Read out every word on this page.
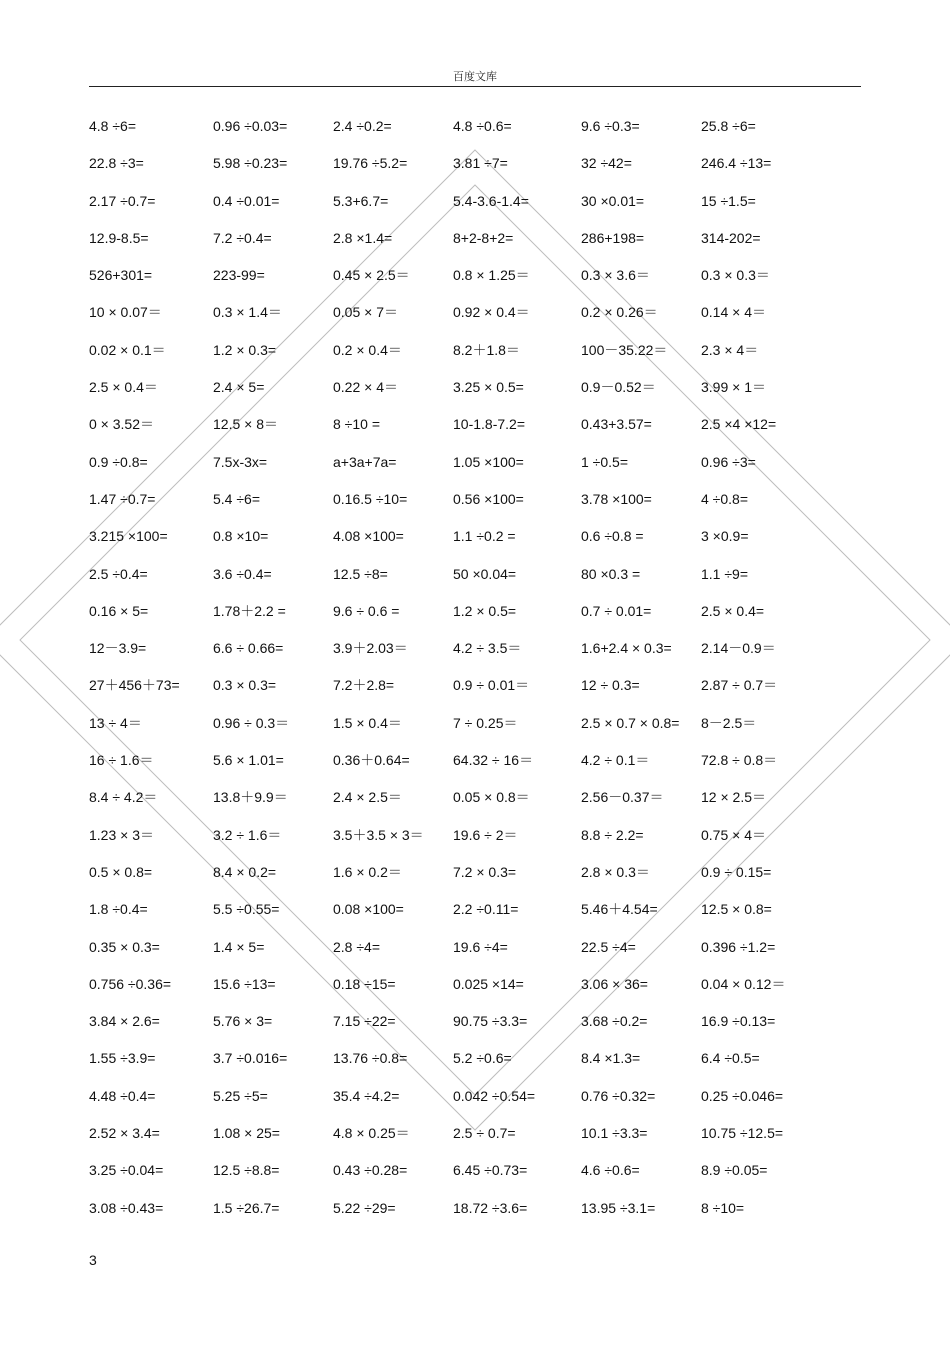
百度文库
4.8 ÷6=	0.96 ÷0.03=	2.4 ÷0.2=	4.8 ÷0.6=	9.6 ÷0.3=	25.8 ÷6=
22.8 ÷3=	5.98 ÷0.23=	19.76 ÷5.2=	3.81 ÷7=	32 ÷42=	246.4 ÷13=
2.17 ÷0.7=	0.4 ÷0.01=	5.3+6.7=	5.4-3.6-1.4=	30 ×0.01=	15 ÷1.5=
12.9-8.5=	7.2 ÷0.4=	2.8 ×1.4=	8+2-8+2=	286+198=	314-202=
526+301=	223-99=	0.45 × 2.5＝	0.8 × 1.25＝	0.3 × 3.6＝	0.3 × 0.3＝
10 × 0.07＝	0.3 × 1.4＝	0.05 × 7＝	0.92 × 0.4＝	0.2 × 0.26＝	0.14 × 4＝
0.02 × 0.1＝	1.2 × 0.3=	0.2 × 0.4＝	8.2＋1.8＝	100－35.22＝ 2.3 × 4＝
2.5 × 0.4＝	2.4 × 5=	0.22 × 4＝	3.25 × 0.5=	0.9－0.52＝	3.99 × 1＝
0 × 3.52＝	12.5 × 8＝	8 ÷10 =	10-1.8-7.2=	0.43+3.57=	2.5 ×4 ×12=
0.9 ÷0.8=	7.5x-3x=	a+3a+7a=	1.05 ×100=	1 ÷0.5=	0.96 ÷3=
1.47 ÷0.7=	5.4 ÷6=	0.16.5 ÷10=	0.56 ×100=	3.78 ×100=	4 ÷0.8=
3.215 ×100=	0.8 ×10=	4.08 ×100=	1.1 ÷0.2 =	0.6 ÷0.8 =	3 ×0.9=
2.5 ÷0.4=	3.6 ÷0.4=	12.5 ÷8=	50 ×0.04=	80 ×0.3 =	1.1 ÷9=
0.16 × 5=	1.78＋2.2 =	9.6 ÷ 0.6 =	1.2 × 0.5=	0.7 ÷ 0.01=	2.5 × 0.4=
12－3.9=	6.6 ÷ 0.66=	3.9＋2.03＝	4.2 ÷ 3.5＝	1.6+2.4 × 0.3= 2.14－0.9＝
27＋456＋73= 0.3 × 0.3=	7.2＋2.8=	0.9 ÷ 0.01＝	12 ÷ 0.3=	2.87 ÷ 0.7＝
13 ÷ 4＝	0.96 ÷ 0.3＝	1.5 × 0.4＝	7 ÷ 0.25＝	2.5 × 0.7 × 0.8= 8－2.5＝
16 ÷ 1.6＝	5.6 × 1.01=	0.36＋0.64=	64.32 ÷ 16＝	4.2 ÷ 0.1＝	72.8 ÷ 0.8＝
8.4 ÷ 4.2＝	13.8＋9.9＝	2.4 × 2.5＝	0.05 × 0.8＝	2.56－0.37＝	12 × 2.5＝
1.23 × 3＝	3.2 ÷ 1.6＝	3.5＋3.5 × 3＝ 19.6 ÷ 2＝	8.8 ÷ 2.2=	0.75 × 4＝
0.5 × 0.8=	8.4 × 0.2=	1.6 × 0.2＝	7.2 × 0.3=	2.8 × 0.3＝	0.9 ÷ 0.15=
1.8 ÷0.4=	5.5 ÷0.55=	0.08 ×100=	2.2 ÷0.11=	5.46＋4.54=	12.5 × 0.8=
0.35 × 0.3=	1.4 × 5=	2.8 ÷4=	19.6 ÷4=	22.5 ÷4=	0.396 ÷1.2=
0.756 ÷0.36=	15.6 ÷13=	0.18 ÷15=	0.025 ×14=	3.06 × 36=	0.04 × 0.12＝
3.84 × 2.6=	5.76 × 3=	7.15 ÷22=	90.75 ÷3.3=	3.68 ÷0.2=	16.9 ÷0.13=
1.55 ÷3.9=	3.7 ÷0.016=	13.76 ÷0.8=	5.2 ÷0.6=	8.4 ×1.3=	6.4 ÷0.5=
4.48 ÷0.4=	5.25 ÷5=	35.4 ÷4.2=	0.042 ÷0.54=	0.76 ÷0.32=	0.25 ÷0.046=
2.52 × 3.4=	1.08 × 25=	4.8 × 0.25＝	2.5 ÷ 0.7=	10.1 ÷3.3=	10.75 ÷12.5=
3.25 ÷0.04=	12.5 ÷8.8=	0.43 ÷0.28=	6.45 ÷0.73=	4.6 ÷0.6=	8.9 ÷0.05=
3.08 ÷0.43=	1.5 ÷26.7=	5.22 ÷29=	18.72 ÷3.6=	13.95 ÷3.1=	8 ÷10=
3
